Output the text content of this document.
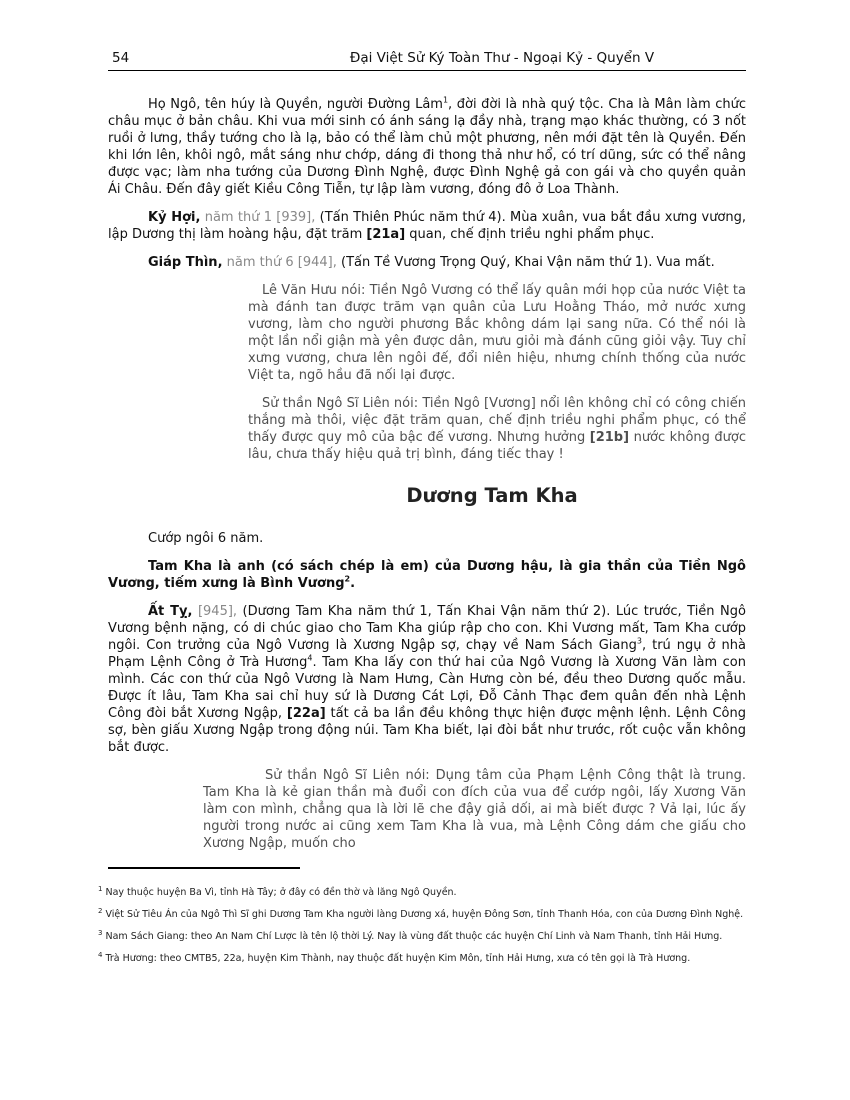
54	Đại Việt Sử Ký Toàn Thư - Ngoại Kỷ - Quyển V

Họ Ngô, tên húy là Quyền, người Đường Lâm$^1$, đời đời là nhà quý tộc. Cha là Mân làm chức châu mục ở bản châu. Khi vua mới sinh có ánh sáng lạ đầy nhà, trạng mạo khác thường, có 3 nốt ruồi ở lưng, thầy tướng cho là lạ, bảo có thể làm chủ một phương, nên mới đặt tên là Quyền. Đến khi lớn lên, khôi ngô, mắt sáng như chớp, dáng đi thong thả như hổ, có trí dũng, sức có thể nâng được vạc; làm nha tướng của Dương Đình Nghệ, được Đình Nghệ gả con gái và cho quyền quản Ái Châu. Đến đây giết Kiều Công Tiễn, tự lập làm vương, đóng đô ở Loa Thành.

Kỷ Hợi, năm thứ 1 [939], (Tấn Thiên Phúc năm thứ 4). Mùa xuân, vua bắt đầu xưng vương, lập Dương thị làm hoàng hậu, đặt trăm [21a] quan, chế định triều nghi phẩm phục.

Giáp Thìn, năm thứ 6 [944], (Tấn Tề Vương Trọng Quý, Khai Vận năm thứ 1). Vua mất.

Lê Văn Hưu nói: Tiền Ngô Vương có thể lấy quân mới họp của nước Việt ta mà đánh tan được trăm vạn quân của Lưu Hoằng Tháo, mở nước xưng vương, làm cho người phương Bắc không dám lại sang nữa. Có thể nói là một lần nổi giận mà yên được dân, mưu giỏi mà đánh cũng giỏi vậy. Tuy chỉ xưng vương, chưa lên ngôi đế, đổi niên hiệu, nhưng chính thống của nước Việt ta, ngõ hầu đã nối lại được.

Sử thần Ngô Sĩ Liên nói: Tiền Ngô [Vương] nổi lên không chỉ có công chiến thắng mà thôi, việc đặt trăm quan, chế định triều nghi phẩm phục, có thể thấy được quy mô của bậc đế vương. Nhưng hưởng [21b] nước không được lâu, chưa thấy hiệu quả trị bình, đáng tiếc thay !

Dương Tam Kha

Cướp ngôi 6 năm.

Tam Kha là anh (có sách chép là em) của Dương hậu, là gia thần của Tiền Ngô Vương, tiếm xưng là Bình Vương$^2$.

Ất Tỵ, [945], (Dương Tam Kha năm thứ 1, Tấn Khai Vận năm thứ 2). Lúc trước, Tiền Ngô Vương bệnh nặng, có di chúc giao cho Tam Kha giúp rập cho con. Khi Vương mất, Tam Kha cướp ngôi. Con trưởng của Ngô Vương là Xương Ngập sợ, chạy về Nam Sách Giang$^3$, trú ngụ ở nhà Phạm Lệnh Công ở Trà Hương$^4$. Tam Kha lấy con thứ hai của Ngô Vương là Xương Văn làm con mình. Các con thứ của Ngô Vương là Nam Hưng, Càn Hưng còn bé, đều theo Dương quốc mẫu. Được ít lâu, Tam Kha sai chỉ huy sứ là Dương Cát Lợi, Đỗ Cảnh Thạc đem quân đến nhà Lệnh Công đòi bắt Xương Ngập, [22a] tất cả ba lần đều không thực hiện được mệnh lệnh. Lệnh Công sợ, bèn giấu Xương Ngập trong động núi. Tam Kha biết, lại đòi bắt như trước, rốt cuộc vẫn không bắt được.

Sử thần Ngô Sĩ Liên nói: Dụng tâm của Phạm Lệnh Công thật là trung. Tam Kha là kẻ gian thần mà đuổi con đích của vua để cướp ngôi, lấy Xương Văn làm con mình, chẳng qua là lời lẽ che đậy giả dối, ai mà biết được ? Vả lại, lúc ấy người trong nước ai cũng xem Tam Kha là vua, mà Lệnh Công dám che giấu cho Xương Ngập, muốn cho

$^1$ Nay thuộc huyện Ba Vì, tỉnh Hà Tây; ở đây có đền thờ và lăng Ngô Quyền.

$^2$ Việt Sử Tiêu Án của Ngô Thì Sĩ ghi Dương Tam Kha người làng Dương xá, huyện Đông Sơn, tỉnh Thanh Hóa, con của Dương Đình Nghệ.

$^3$ Nam Sách Giang: theo An Nam Chí Lược là tên lộ thời Lý. Nay là vùng đất thuộc các huyện Chí Linh và Nam Thanh, tỉnh Hải Hưng.

$^4$ Trà Hương: theo CMTB5, 22a, huyện Kim Thành, nay thuộc đất huyện Kim Môn, tỉnh Hải Hưng, xưa có tên gọi là Trà Hương.
